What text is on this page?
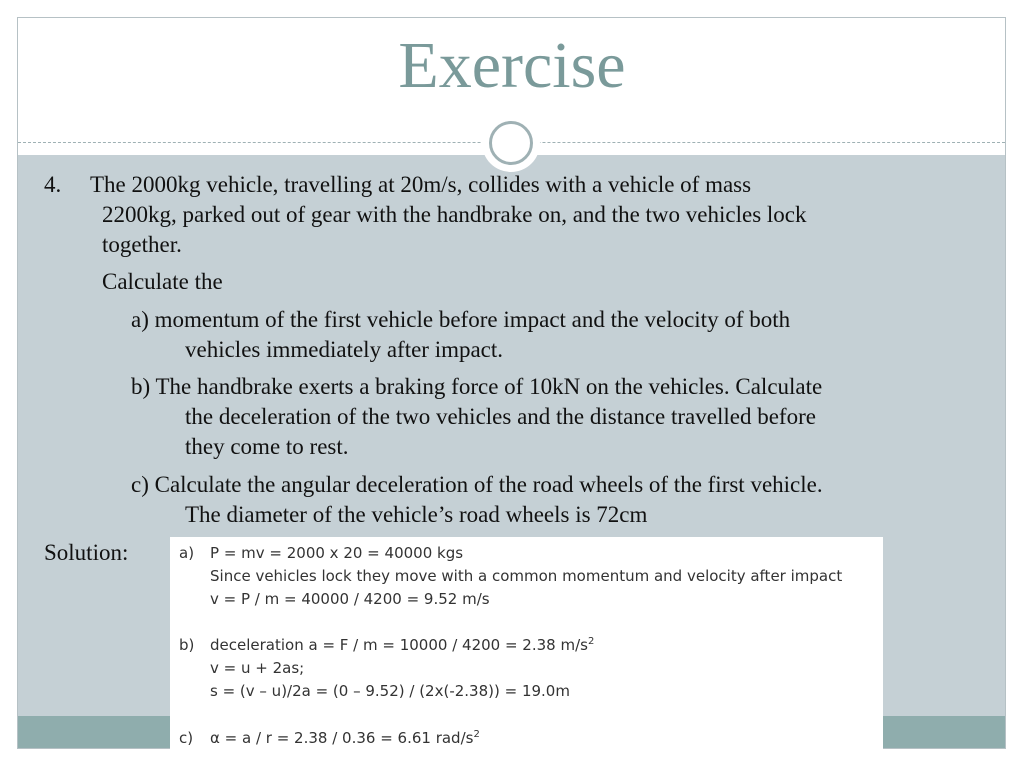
Exercise
4. The 2000kg vehicle, travelling at 20m/s, collides with a vehicle of mass
2200kg, parked out of gear with the handbrake on, and the two vehicles lock
together.
Calculate the
a) momentum of the first vehicle before impact and the velocity of both
vehicles immediately after impact.
b) The handbrake exerts a braking force of 10kN on the vehicles. Calculate
the deceleration of the two vehicles and the distance travelled before
they come to rest.
c) Calculate the angular deceleration of the road wheels of the first vehicle.
The diameter of the vehicle’s road wheels is 72cm
Solution:	a) P = mv = 2000 x 20 = 40000 kgs
Since vehicles lock they move with a common momentum and velocity after impact
v = P / m = 40000 / 4200 = 9.52 m/s
b) deceleration a = F / m = 10000 / 4200 = 2.38 $m/s^2$
v = u + 2as;
s = (v – u)/2a = (0 – 9.52) / (2x(-2.38)) = 19.0m
c) α = a / r = 2.38 / 0.36 = 6.61 rad/$s^2$
